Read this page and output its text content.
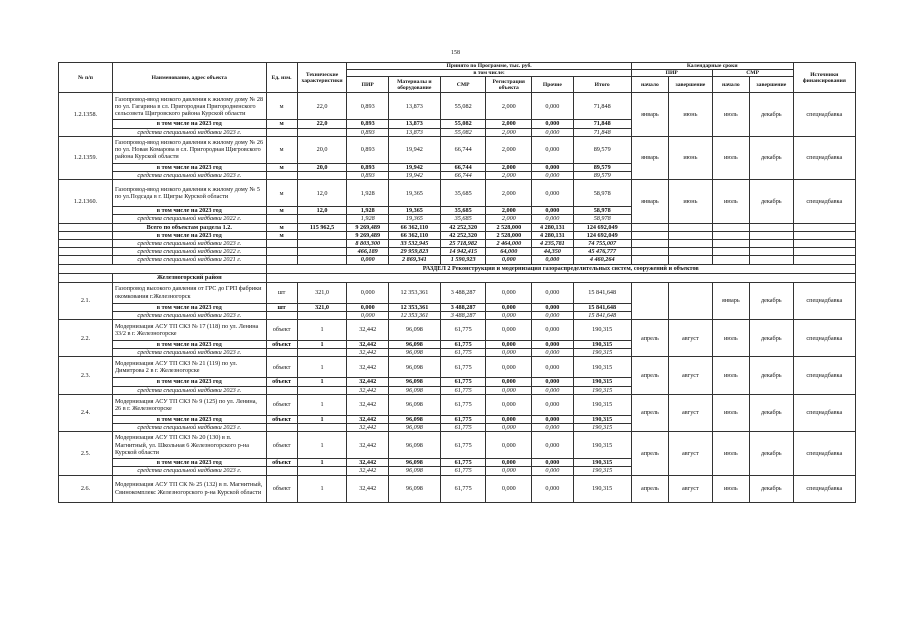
158
№ п/п	Наименование, адрес объекта	Ед. изм.	Технические характеристики	Принято по Программе, тыс. руб.						Календарные сроки				Источники финансирования
				в том числе:						ПИР		СМР		
				ПИР	Материалы и оборудование	СМР	Регистрация объекта	Прочие	Итого	начало	завершение	начало	завершение	
1.2.1358.	Газопровод-ввод низкого давления к жилому дому № 28 по ул. Гагарина в сл. Пригородная Пригородненского сельсовета Щигровского района Курской области	м	22,0	0,893	13,873	55,082	2,000	0,000	71,848	январь	июнь	июль	декабрь	спецнадбавка
	в том числе на 2023 год	м	22,0	0,893	13,873	55,082	2,000	0,000	71,848					
	средства специальной надбавки 2023 г.			0,893	13,873	55,082	2,000	0,000	71,848					
1.2.1359.	Газопровод-ввод низкого давления к жилому дому № 26 по ул. Новая Комарова в сл. Пригородная Щигровского района Курской области	м	20,0	0,893	19,942	66,744	2,000	0,000	89,579	январь	июнь	июль	декабрь	спецнадбавка
	в том числе на 2023 год	м	20,0	0,893	19,942	66,744	2,000	0,000	89,579					
	средства специальной надбавки 2023 г.			0,893	19,942	66,744	2,000	0,000	89,579					
1.2.1360.	Газопровод-ввод низкого давления к жилому дому № 5 по ул.Подсада в г. Щигры Курской области	м	12,0	1,928	19,365	35,685	2,000	0,000	58,978	январь	июнь	июль	декабрь	спецнадбавка
	в том числе на 2023 год	м	12,0	1,928	19,365	35,685	2,000	0,000	58,978					
	средства специальной надбавки 2022 г.			1,928	19,365	35,685	2,000	0,000	58,978					
	Всего по объектам раздела 1.2.	м	115 962,5	9 269,489	66 362,110	42 252,320	2 528,000	4 280,131	124 692,049					
	в том числе на 2023 год	м		9 269,489	66 362,110	42 252,320	2 528,000	4 280,131	124 692,049					
	средства специальной надбавки 2023 г.			8 803,300	33 532,945	25 718,982	2 464,000	4 235,781	74 755,007					
	средства специальной надбавки 2022 г.			466,189	29 959,823	14 942,415	64,000	44,350	45 476,777					
	средства специальной надбавки 2021 г.			0,000	2 869,341	1 590,923	0,000	0,000	4 460,264					
		РАЗДЕЛ 2 Реконструкция и модернизация газораспределительных систем, сооружений и объектов												
	Железногорский район													
2.1.	Газопровод высокого давления от ГРС до ГРП фабрики окомкования г.Железногорск	шт	321,0	0,000	12 353,361	3 488,287	0,000	0,000	15 841,648			январь	декабрь	спецнадбавка
	в том числе на 2023 год	шт	321,0	0,000	12 353,361	3 488,287	0,000	0,000	15 841,648					
	средства специальной надбавки 2023 г.			0,000	12 353,361	3 488,287	0,000	0,000	15 841,648					
2.2.	Модернизация АСУ ТП СКЗ № 17 (118) по ул. Ленина 33/2 в г. Железногорске	объект	1	32,442	96,098	61,775	0,000	0,000	190,315	апрель	август	июль	декабрь	спецнадбавка
	в том числе на 2023 год	объект	1	32,442	96,098	61,775	0,000	0,000	190,315					
	средства специальной надбавки 2023 г.			32,442	96,098	61,775	0,000	0,000	190,315					
2.3.	Модернизация АСУ ТП СКЗ № 21 (119) по ул. Димитрова 2 в г. Железногорске	объект	1	32,442	96,098	61,775	0,000	0,000	190,315	апрель	август	июль	декабрь	спецнадбавка
	в том числе на 2023 год	объект	1	32,442	96,098	61,775	0,000	0,000	190,315					
	средства специальной надбавки 2023 г.			32,442	96,098	61,775	0,000	0,000	190,315					
2.4.	Модернизация АСУ ТП СКЗ № 9 (125) по ул. Ленина, 26 в г. Железногорске	объект	1	32,442	96,098	61,775	0,000	0,000	190,315	апрель	август	июль	декабрь	спецнадбавка
	в том числе на 2023 год	объект	1	32,442	96,098	61,775	0,000	0,000	190,315					
	средства специальной надбавки 2023 г.			32,442	96,098	61,775	0,000	0,000	190,315					
2.5.	Модернизация АСУ ТП СКЗ № 20 (130) в п. Магнитный, ул. Школьная 6 Железногорского р-на Курской области	объект	1	32,442	96,098	61,775	0,000	0,000	190,315	апрель	август	июль	декабрь	спецнадбавка
	в том числе на 2023 год	объект	1	32,442	96,098	61,775	0,000	0,000	190,315					
	средства специальной надбавки 2023 г.			32,442	96,098	61,775	0,000	0,000	190,315					
2.6.	Модернизация АСУ ТП СК № 25 (132) в п. Магнитный, Свинокомплекс Железногорского р-на Курской области	объект	1	32,442	96,098	61,775	0,000	0,000	190,315	апрель	август	июль	декабрь	спецнадбавка
